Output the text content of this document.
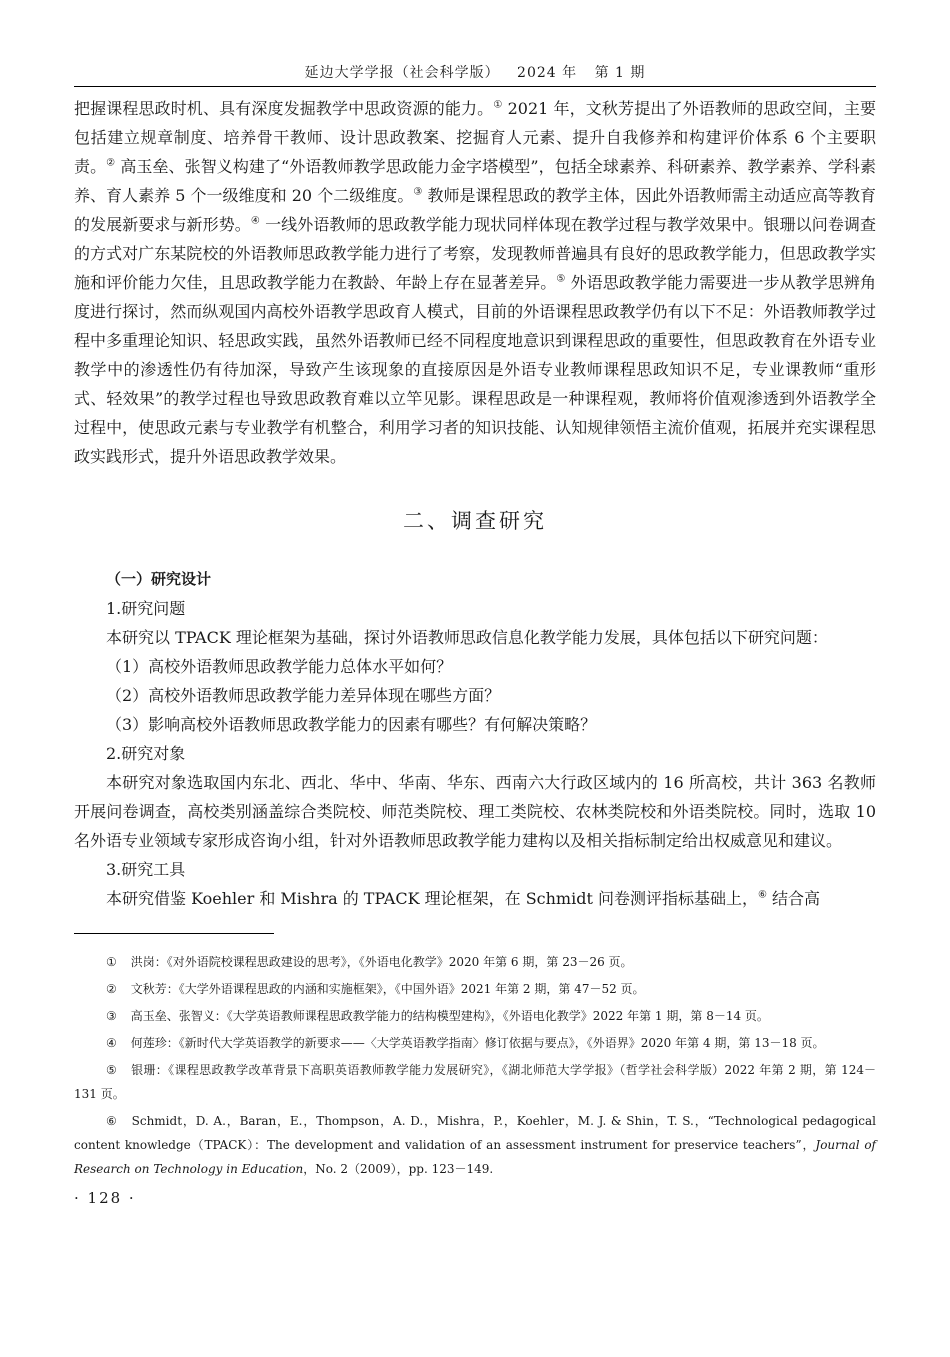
延边大学学报（社会科学版） 2024 年 第 1 期

把握课程思政时机、具有深度发掘教学中思政资源的能力。① 2021 年，文秋芳提出了外语教师的思政空间，主要包括建立规章制度、培养骨干教师、设计思政教案、挖掘育人元素、提升自我修养和构建评价体系 6 个主要职责。② 高玉垒、张智义构建了“外语教师教学思政能力金字塔模型”，包括全球素养、科研素养、教学素养、学科素养、育人素养 5 个一级维度和 20 个二级维度。③ 教师是课程思政的教学主体，因此外语教师需主动适应高等教育的发展新要求与新形势。④ 一线外语教师的思政教学能力现状同样体现在教学过程与教学效果中。银珊以问卷调查的方式对广东某院校的外语教师思政教学能力进行了考察，发现教师普遍具有良好的思政教学能力，但思政教学实施和评价能力欠佳，且思政教学能力在教龄、年龄上存在显著差异。⑤ 外语思政教学能力需要进一步从教学思辨角度进行探讨，然而纵观国内高校外语教学思政育人模式，目前的外语课程思政教学仍有以下不足：外语教师教学过程中多重理论知识、轻思政实践，虽然外语教师已经不同程度地意识到课程思政的重要性，但思政教育在外语专业教学中的渗透性仍有待加深，导致产生该现象的直接原因是外语专业教师课程思政知识不足，专业课教师“重形式、轻效果”的教学过程也导致思政教育难以立竿见影。课程思政是一种课程观，教师将价值观渗透到外语教学全过程中，使思政元素与专业教学有机整合，利用学习者的知识技能、认知规律领悟主流价值观，拓展并充实课程思政实践形式，提升外语思政教学效果。

二、调查研究

（一）研究设计

1.研究问题

本研究以 TPACK 理论框架为基础，探讨外语教师思政信息化教学能力发展，具体包括以下研究问题：

（1）高校外语教师思政教学能力总体水平如何？

（2）高校外语教师思政教学能力差异体现在哪些方面？

（3）影响高校外语教师思政教学能力的因素有哪些？有何解决策略？

2.研究对象

本研究对象选取国内东北、西北、华中、华南、华东、西南六大行政区域内的 16 所高校，共计 363 名教师开展问卷调查，高校类别涵盖综合类院校、师范类院校、理工类院校、农林类院校和外语类院校。同时，选取 10 名外语专业领域专家形成咨询小组，针对外语教师思政教学能力建构以及相关指标制定给出权威意见和建议。

3.研究工具

本研究借鉴 Koehler 和 Mishra 的 TPACK 理论框架，在 Schmidt 问卷测评指标基础上，⑥ 结合高

① 洪岗：《对外语院校课程思政建设的思考》，《外语电化教学》2020 年第 6 期，第 23－26 页。

② 文秋芳：《大学外语课程思政的内涵和实施框架》，《中国外语》2021 年第 2 期，第 47－52 页。

③ 高玉垒、张智义：《大学英语教师课程思政教学能力的结构模型建构》，《外语电化教学》2022 年第 1 期，第 8－14 页。

④ 何莲珍：《新时代大学英语教学的新要求——〈大学英语教学指南〉修订依据与要点》，《外语界》2020 年第 4 期，第 13－18 页。

⑤ 银珊：《课程思政教学改革背景下高职英语教师教学能力发展研究》，《湖北师范大学学报》（哲学社会科学版）2022 年第 2 期，第 124－131 页。

⑥ Schmidt，D. A.，Baran，E.，Thompson，A. D.，Mishra，P.，Koehler，M. J. & Shin，T. S.，“Technological pedagogical content knowledge（TPACK）：The development and validation of an assessment instrument for preservice teachers”，Journal of Research on Technology in Education，No. 2（2009），pp. 123－149.

· 128 ·
